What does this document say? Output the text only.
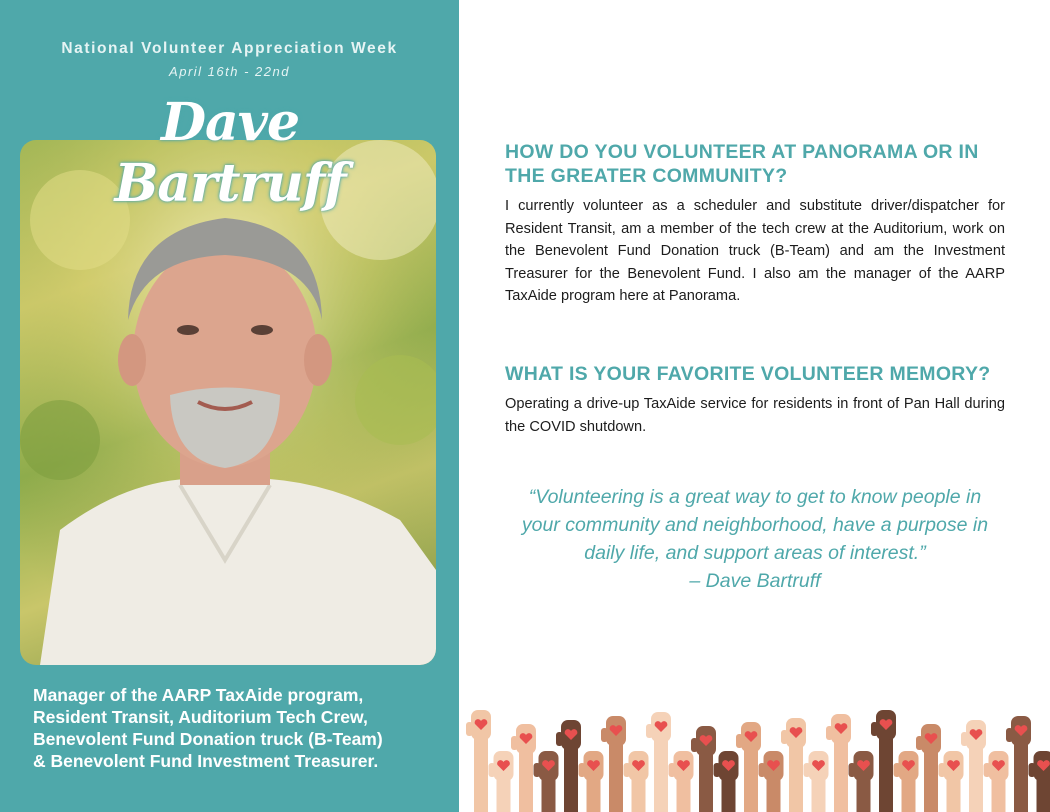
National Volunteer Appreciation Week
April 16th - 22nd
Dave Bartruff
Manager of the AARP TaxAide program,
Resident Transit, Auditorium Tech Crew,
Benevolent Fund Donation truck (B-Team)
& Benevolent Fund Investment Treasurer.
HOW DO YOU VOLUNTEER AT PANORAMA OR IN THE GREATER COMMUNITY?

I currently volunteer as a scheduler and substitute driver/dispatcher for Resident Transit, am a member of the tech crew at the Auditorium, work on the Benevolent Fund Donation truck (B-Team) and am the Investment Treasurer for the Benevolent Fund. I also am the manager of the AARP TaxAide program here at Panorama.

WHAT IS YOUR FAVORITE VOLUNTEER MEMORY?

Operating a drive-up TaxAide service for residents in front of Pan Hall during the COVID shutdown.

“Volunteering is a great way to get to know people in
your community and neighborhood, have a purpose in
daily life, and support areas of interest.”
– Dave Bartruff
